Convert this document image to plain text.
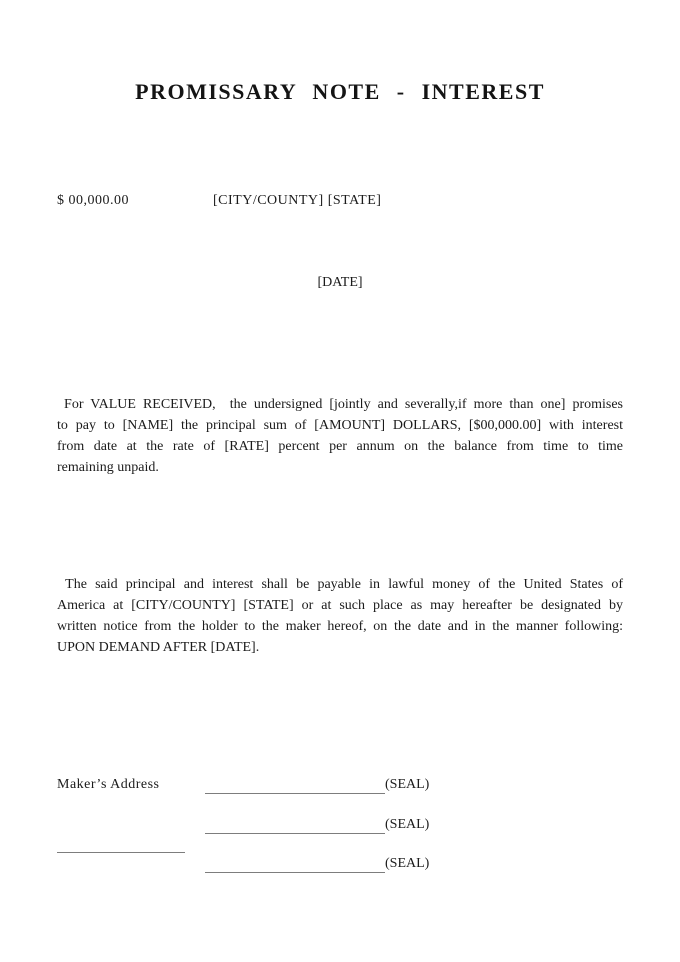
PROMISSARY NOTE - INTEREST
$ 00,000.00	[CITY/COUNTY] [STATE]
[DATE]
For VALUE RECEIVED,  the undersigned [jointly and severally,if more than one] promises
to pay to [NAME] the principal sum of [AMOUNT] DOLLARS, [$00,000.00] with interest
from date at the rate of [RATE] percent per annum on the balance from time to time
remaining unpaid.
The said principal and interest shall be payable in lawful money of the United States of
America at [CITY/COUNTY] [STATE] or at such place as may hereafter be designated by
written notice from the holder to the maker hereof, on the date and in the manner following:
UPON DEMAND AFTER [DATE].
Maker’s Address	(SEAL)
(SEAL)
(SEAL)
